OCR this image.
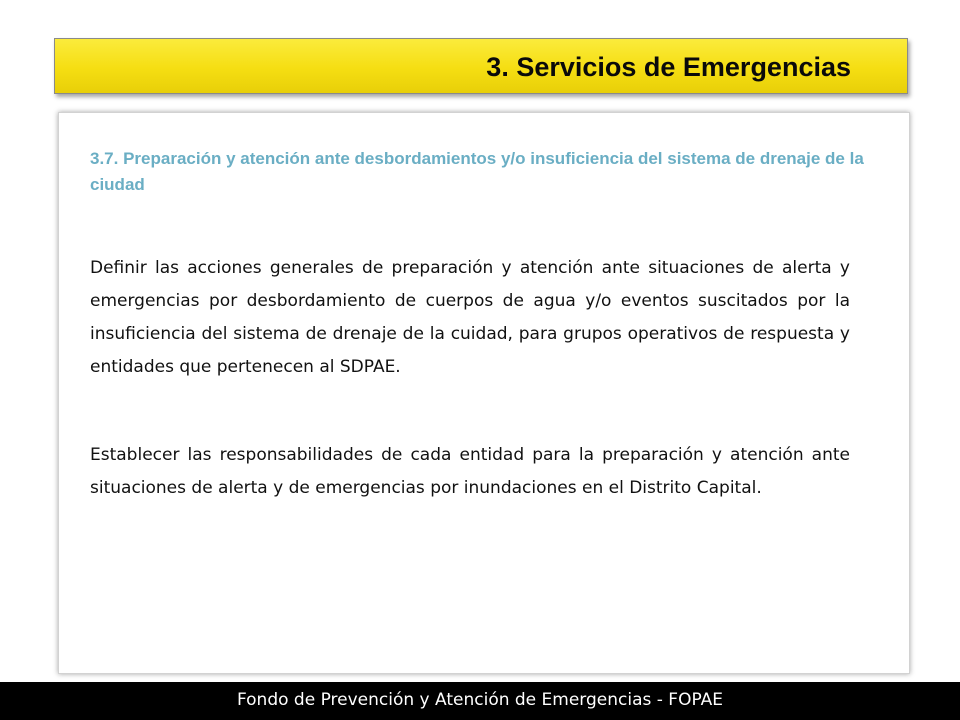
3. Servicios de Emergencias
3.7. Preparación y atención ante desbordamientos y/o insuficiencia del sistema de drenaje de la ciudad
Definir las acciones generales de preparación y atención ante situaciones de alerta y emergencias por desbordamiento de cuerpos de agua y/o eventos suscitados por la insuficiencia del sistema de drenaje de la cuidad, para grupos operativos de respuesta y entidades que pertenecen al SDPAE.
Establecer las responsabilidades de cada entidad para la preparación y atención ante situaciones de alerta y de emergencias por inundaciones en el Distrito Capital.
Fondo de Prevención y Atención de Emergencias - FOPAE
